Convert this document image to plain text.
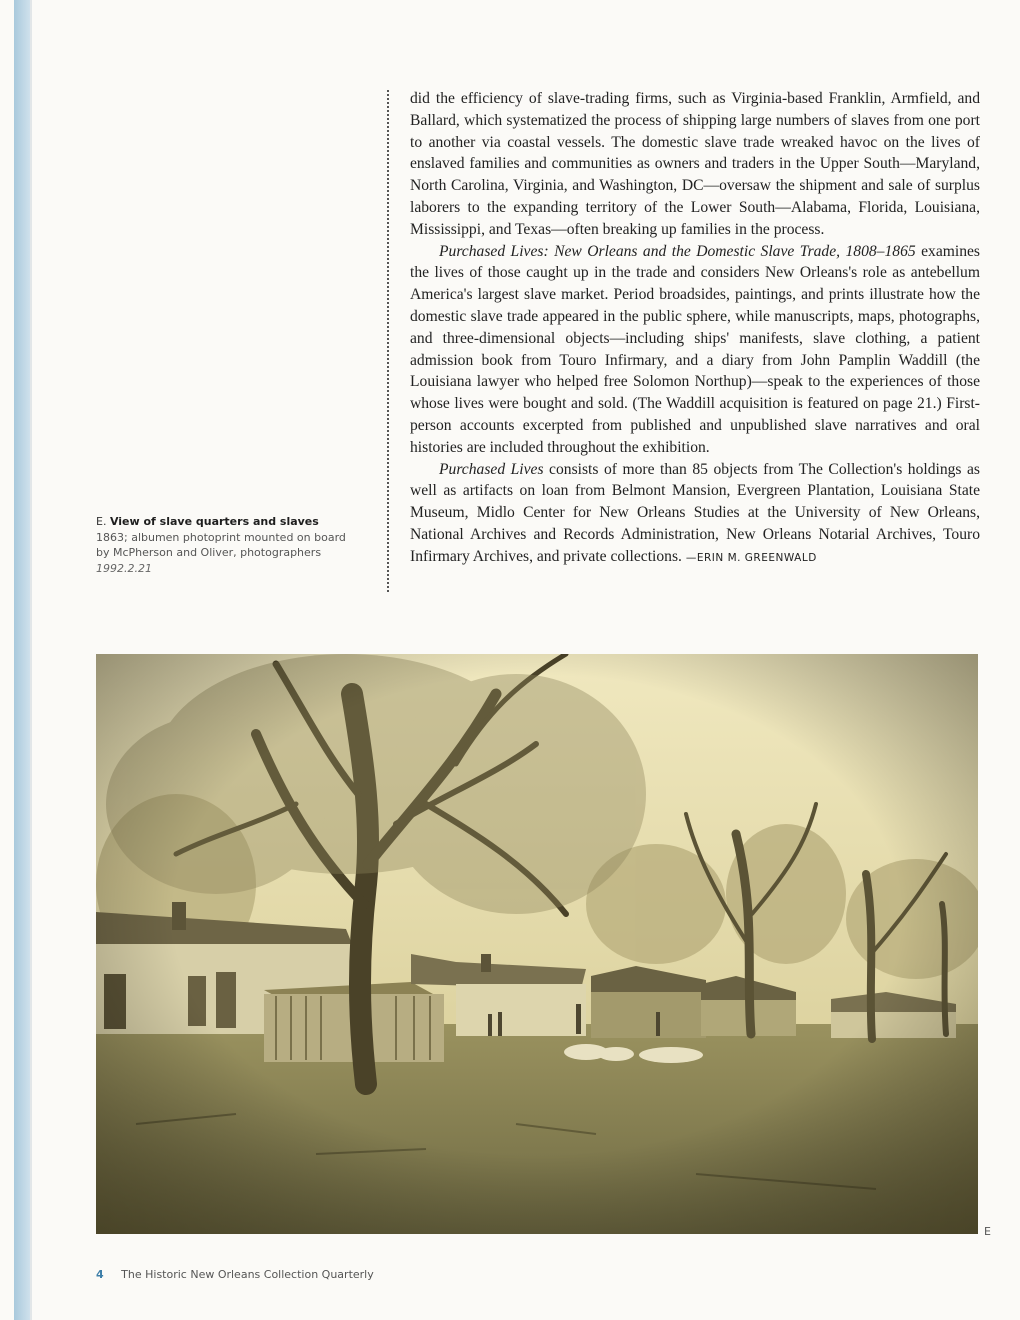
E. View of slave quarters and slaves
1863; albumen photoprint mounted on board
by McPherson and Oliver, photographers
1992.2.21

did the efficiency of slave-trading firms, such as Virginia-based Franklin, Armfield, and Ballard, which systematized the process of shipping large numbers of slaves from one port to another via coastal vessels. The domestic slave trade wreaked havoc on the lives of enslaved families and communities as owners and traders in the Upper South—Maryland, North Carolina, Virginia, and Washington, DC—oversaw the shipment and sale of surplus laborers to the expanding territory of the Lower South—Alabama, Florida, Louisiana, Mississippi, and Texas—often breaking up families in the process.

Purchased Lives: New Orleans and the Domestic Slave Trade, 1808–1865 examines the lives of those caught up in the trade and considers New Orleans's role as antebellum America's largest slave market. Period broadsides, paintings, and prints illustrate how the domestic slave trade appeared in the public sphere, while manuscripts, maps, photographs, and three-dimensional objects—including ships' manifests, slave clothing, a patient admission book from Touro Infirmary, and a diary from John Pamplin Waddill (the Louisiana lawyer who helped free Solomon Northup)—speak to the experiences of those whose lives were bought and sold. (The Waddill acquisition is featured on page 21.) First-person accounts excerpted from published and unpublished slave narratives and oral histories are included throughout the exhibition.

Purchased Lives consists of more than 85 objects from The Collection's holdings as well as artifacts on loan from Belmont Mansion, Evergreen Plantation, Louisiana State Museum, Midlo Center for New Orleans Studies at the University of New Orleans, National Archives and Records Administration, New Orleans Notarial Archives, Touro Infirmary Archives, and private collections. —ERIN M. GREENWALD

E
4 The Historic New Orleans Collection Quarterly
